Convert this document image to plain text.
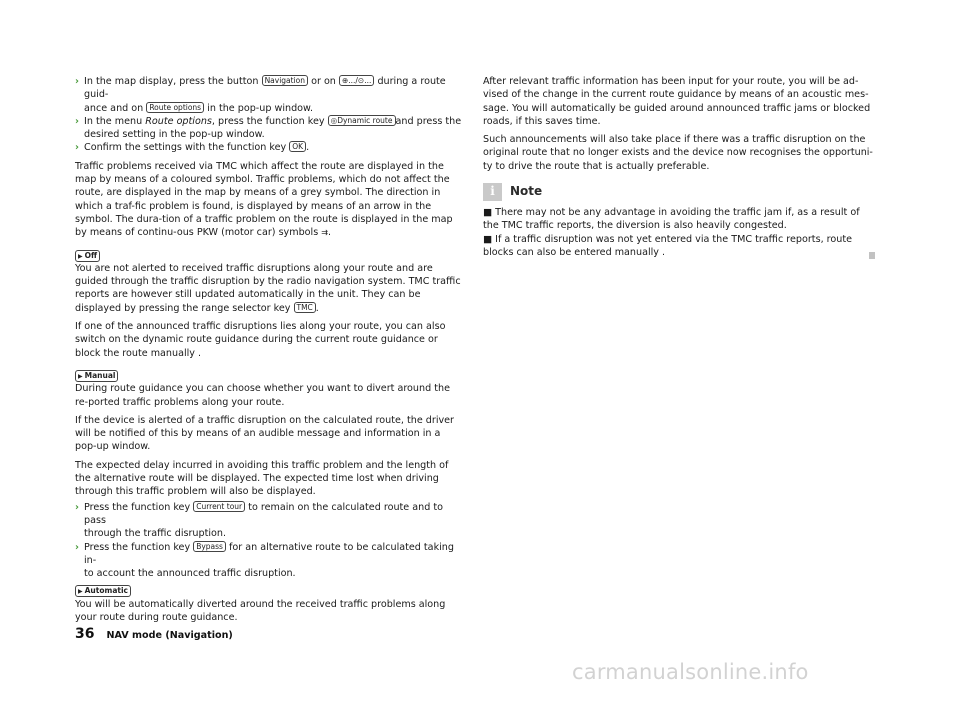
› In the map display, press the button Navigation or on ⊕.../⊙... during a route guid-
ance and on Route options in the pop-up window.
› In the menu Route options, press the function key ◎Dynamic route and press the
desired setting in the pop-up window.
› Confirm the settings with the function key OK .

Traffic problems received via TMC which affect the route are displayed in the map by means of a coloured symbol. Traffic problems, which do not affect the route, are displayed in the map by means of a grey symbol. The direction in which a traf-fic problem is found, is displayed by means of an arrow in the symbol. The dura-tion of a traffic problem on the route is displayed in the map by means of continu-ous PKW (motor car) symbols ⇉.

▶ Off

You are not alerted to received traffic disruptions along your route and are guided through the traffic disruption by the radio navigation system. TMC traffic reports are however still updated automatically in the unit. They can be displayed by pressing the range selector key TMC .

If one of the announced traffic disruptions lies along your route, you can also switch on the dynamic route guidance during the current route guidance or block the route manually .

▶ Manual

During route guidance you can choose whether you want to divert around the re-ported traffic problems along your route.

If the device is alerted of a traffic disruption on the calculated route, the driver will be notified of this by means of an audible message and information in a pop-up window.

The expected delay incurred in avoiding this traffic problem and the length of the alternative route will be displayed. The expected time lost when driving through this traffic problem will also be displayed.

› Press the function key Current tour to remain on the calculated route and to pass
through the traffic disruption.
› Press the function key Bypass for an alternative route to be calculated taking in-
to account the announced traffic disruption.
▶ Automatic

You will be automatically diverted around the received traffic problems along your route during route guidance.

After relevant traffic information has been input for your route, you will be ad-vised of the change in the current route guidance by means of an acoustic mes-sage. You will automatically be guided around announced traffic jams or blocked roads, if this saves time.

Such announcements will also take place if there was a traffic disruption on the original route that no longer exists and the device now recognises the opportuni-ty to drive the route that is actually preferable.

i	Note

■ There may not be any advantage in avoiding the traffic jam if, as a result of the TMC traffic reports, the diversion is also heavily congested.

■ If a traffic disruption was not yet entered via the TMC traffic reports, route blocks can also be entered manually .

36 NAV mode (Navigation)
carmanualsonline.info
